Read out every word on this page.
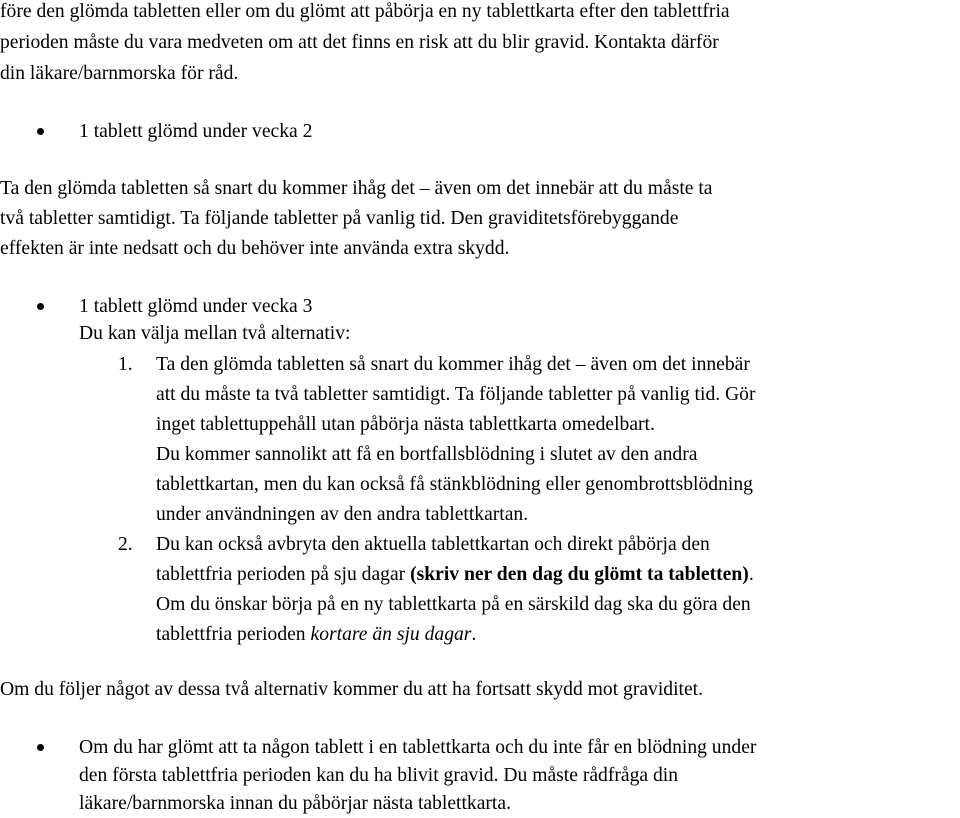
före den glömda tabletten eller om du glömt att påbörja en ny tablettkarta efter den tablettfria
perioden måste du vara medveten om att det finns en risk att du blir gravid. Kontakta därför
din läkare/barnmorska för råd.
1 tablett glömd under vecka 2
Ta den glömda tabletten så snart du kommer ihåg det – även om det innebär att du måste ta
två tabletter samtidigt. Ta följande tabletter på vanlig tid. Den graviditetsförebyggande
effekten är inte nedsatt och du behöver inte använda extra skydd.
1 tablett glömd under vecka 3
Du kan välja mellan två alternativ:
1. Ta den glömda tabletten så snart du kommer ihåg det – även om det innebär
att du måste ta två tabletter samtidigt. Ta följande tabletter på vanlig tid. Gör
inget tablettuppehåll utan påbörja nästa tablettkarta omedelbart.
Du kommer sannolikt att få en bortfallsblödning i slutet av den andra
tablettkartan, men du kan också få stänkblödning eller genombrottsblödning
under användningen av den andra tablettkartan.
2. Du kan också avbryta den aktuella tablettkartan och direkt påbörja den
tablettfria perioden på sju dagar (skriv ner den dag du glömt ta tabletten).
Om du önskar börja på en ny tablettkarta på en särskild dag ska du göra den
tablettfria perioden kortare än sju dagar.
Om du följer något av dessa två alternativ kommer du att ha fortsatt skydd mot graviditet.
Om du har glömt att ta någon tablett i en tablettkarta och du inte får en blödning under
den första tablettfria perioden kan du ha blivit gravid. Du måste rådfråga din
läkare/barnmorska innan du påbörjar nästa tablettkarta.
